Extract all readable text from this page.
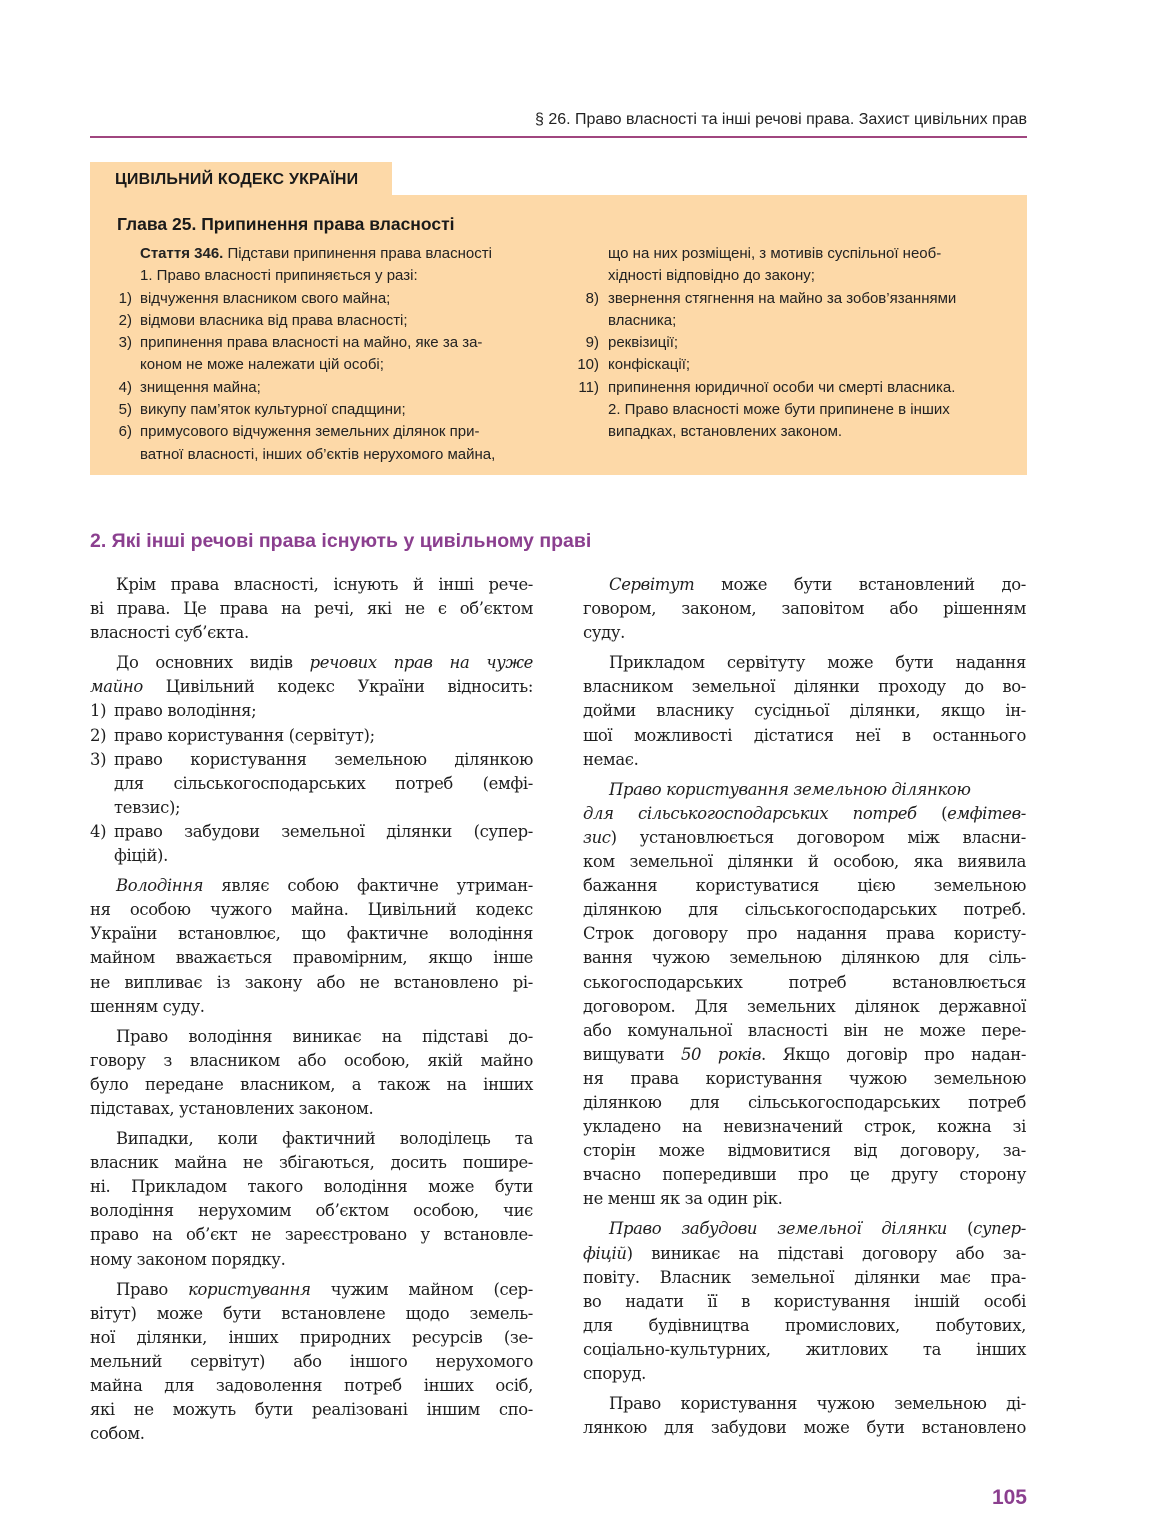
§ 26. Право власності та інші речові права. Захист цивільних прав
ЦИВІЛЬНИЙ КОДЕКС УКРАЇНИ
Глава 25. Припинення права власності
Стаття 346. Підстави припинення права власності
1. Право власності припиняється у разі:
1) відчуження власником свого майна;
2) відмови власника від права власності;
3) припинення права власності на майно, яке за за-
коном не може належати цій особі;
4) знищення майна;
5) викупу пам’яток культурної спадщини;
6) примусового відчуження земельних ділянок при-
ватної власності, інших об’єктів нерухомого майна,
що на них розміщені, з мотивів суспільної необ-
хідності відповідно до закону;
8) звернення стягнення на майно за зобов’язаннями
власника;
9) реквізиції;
10) конфіскації;
11) припинення юридичної особи чи смерті власника.
2. Право власності може бути припинене в інших
випадках, встановлених законом.
2. Які інші речові права існують у цивільному праві
Крім права власності, існують й інші рече-
ві права. Це права на речі, які не є об’єктом
власності суб’єкта.
До основних видів речових прав на чуже
майно Цивільний кодекс України відносить:
1) право володіння;
2) право користування (сервітут);
3) право користування земельною ділянкою
для сільськогосподарських потреб (емфі-
тевзис);
4) право забудови земельної ділянки (супер-
фіцій).
Володіння являє собою фактичне утриман-
ня особою чужого майна. Цивільний кодекс
України встановлює, що фактичне володіння
майном вважається правомірним, якщо інше
не випливає із закону або не встановлено рі-
шенням суду.
Право володіння виникає на підставі до-
говору з власником або особою, якій майно
було передане власником, а також на інших
підставах, установлених законом.
Випадки, коли фактичний володілець та
власник майна не збігаються, досить пошире-
ні. Прикладом такого володіння може бути
володіння нерухомим об’єктом особою, чиє
право на об’єкт не зареєстровано у встановле-
ному законом порядку.
Право користування чужим майном (сер-
вітут) може бути встановлене щодо земель-
ної ділянки, інших природних ресурсів (зе-
мельний сервітут) або іншого нерухомого
майна для задоволення потреб інших осіб,
які не можуть бути реалізовані іншим спо-
собом.
Сервітут може бути встановлений до-
говором, законом, заповітом або рішенням
суду.
Прикладом сервітуту може бути надання
власником земельної ділянки проходу до во-
дойми власнику сусідньої ділянки, якщо ін-
шої можливості дістатися неї в останнього
немає.
Право користування земельною ділянкою
для сільськогосподарських потреб (емфітев-
зис) установлюється договором між власни-
ком земельної ділянки й особою, яка виявила
бажання користуватися цією земельною
ділянкою для сільськогосподарських потреб.
Строк договору про надання права користу-
вання чужою земельною ділянкою для сіль-
ськогосподарських потреб встановлюється
договором. Для земельних ділянок державної
або комунальної власності він не може пере-
вищувати 50 років. Якщо договір про надан-
ня права користування чужою земельною
ділянкою для сільськогосподарських потреб
укладено на невизначений строк, кожна зі
сторін може відмовитися від договору, за-
вчасно попередивши про це другу сторону
не менш як за один рік.
Право забудови земельної ділянки (супер-
фіцій) виникає на підставі договору або за-
повіту. Власник земельної ділянки має пра-
во надати її в користування іншій особі
для будівництва промислових, побутових,
соціально-культурних, житлових та інших
споруд.
Право користування чужою земельною ді-
лянкою для забудови може бути встановлено
105
